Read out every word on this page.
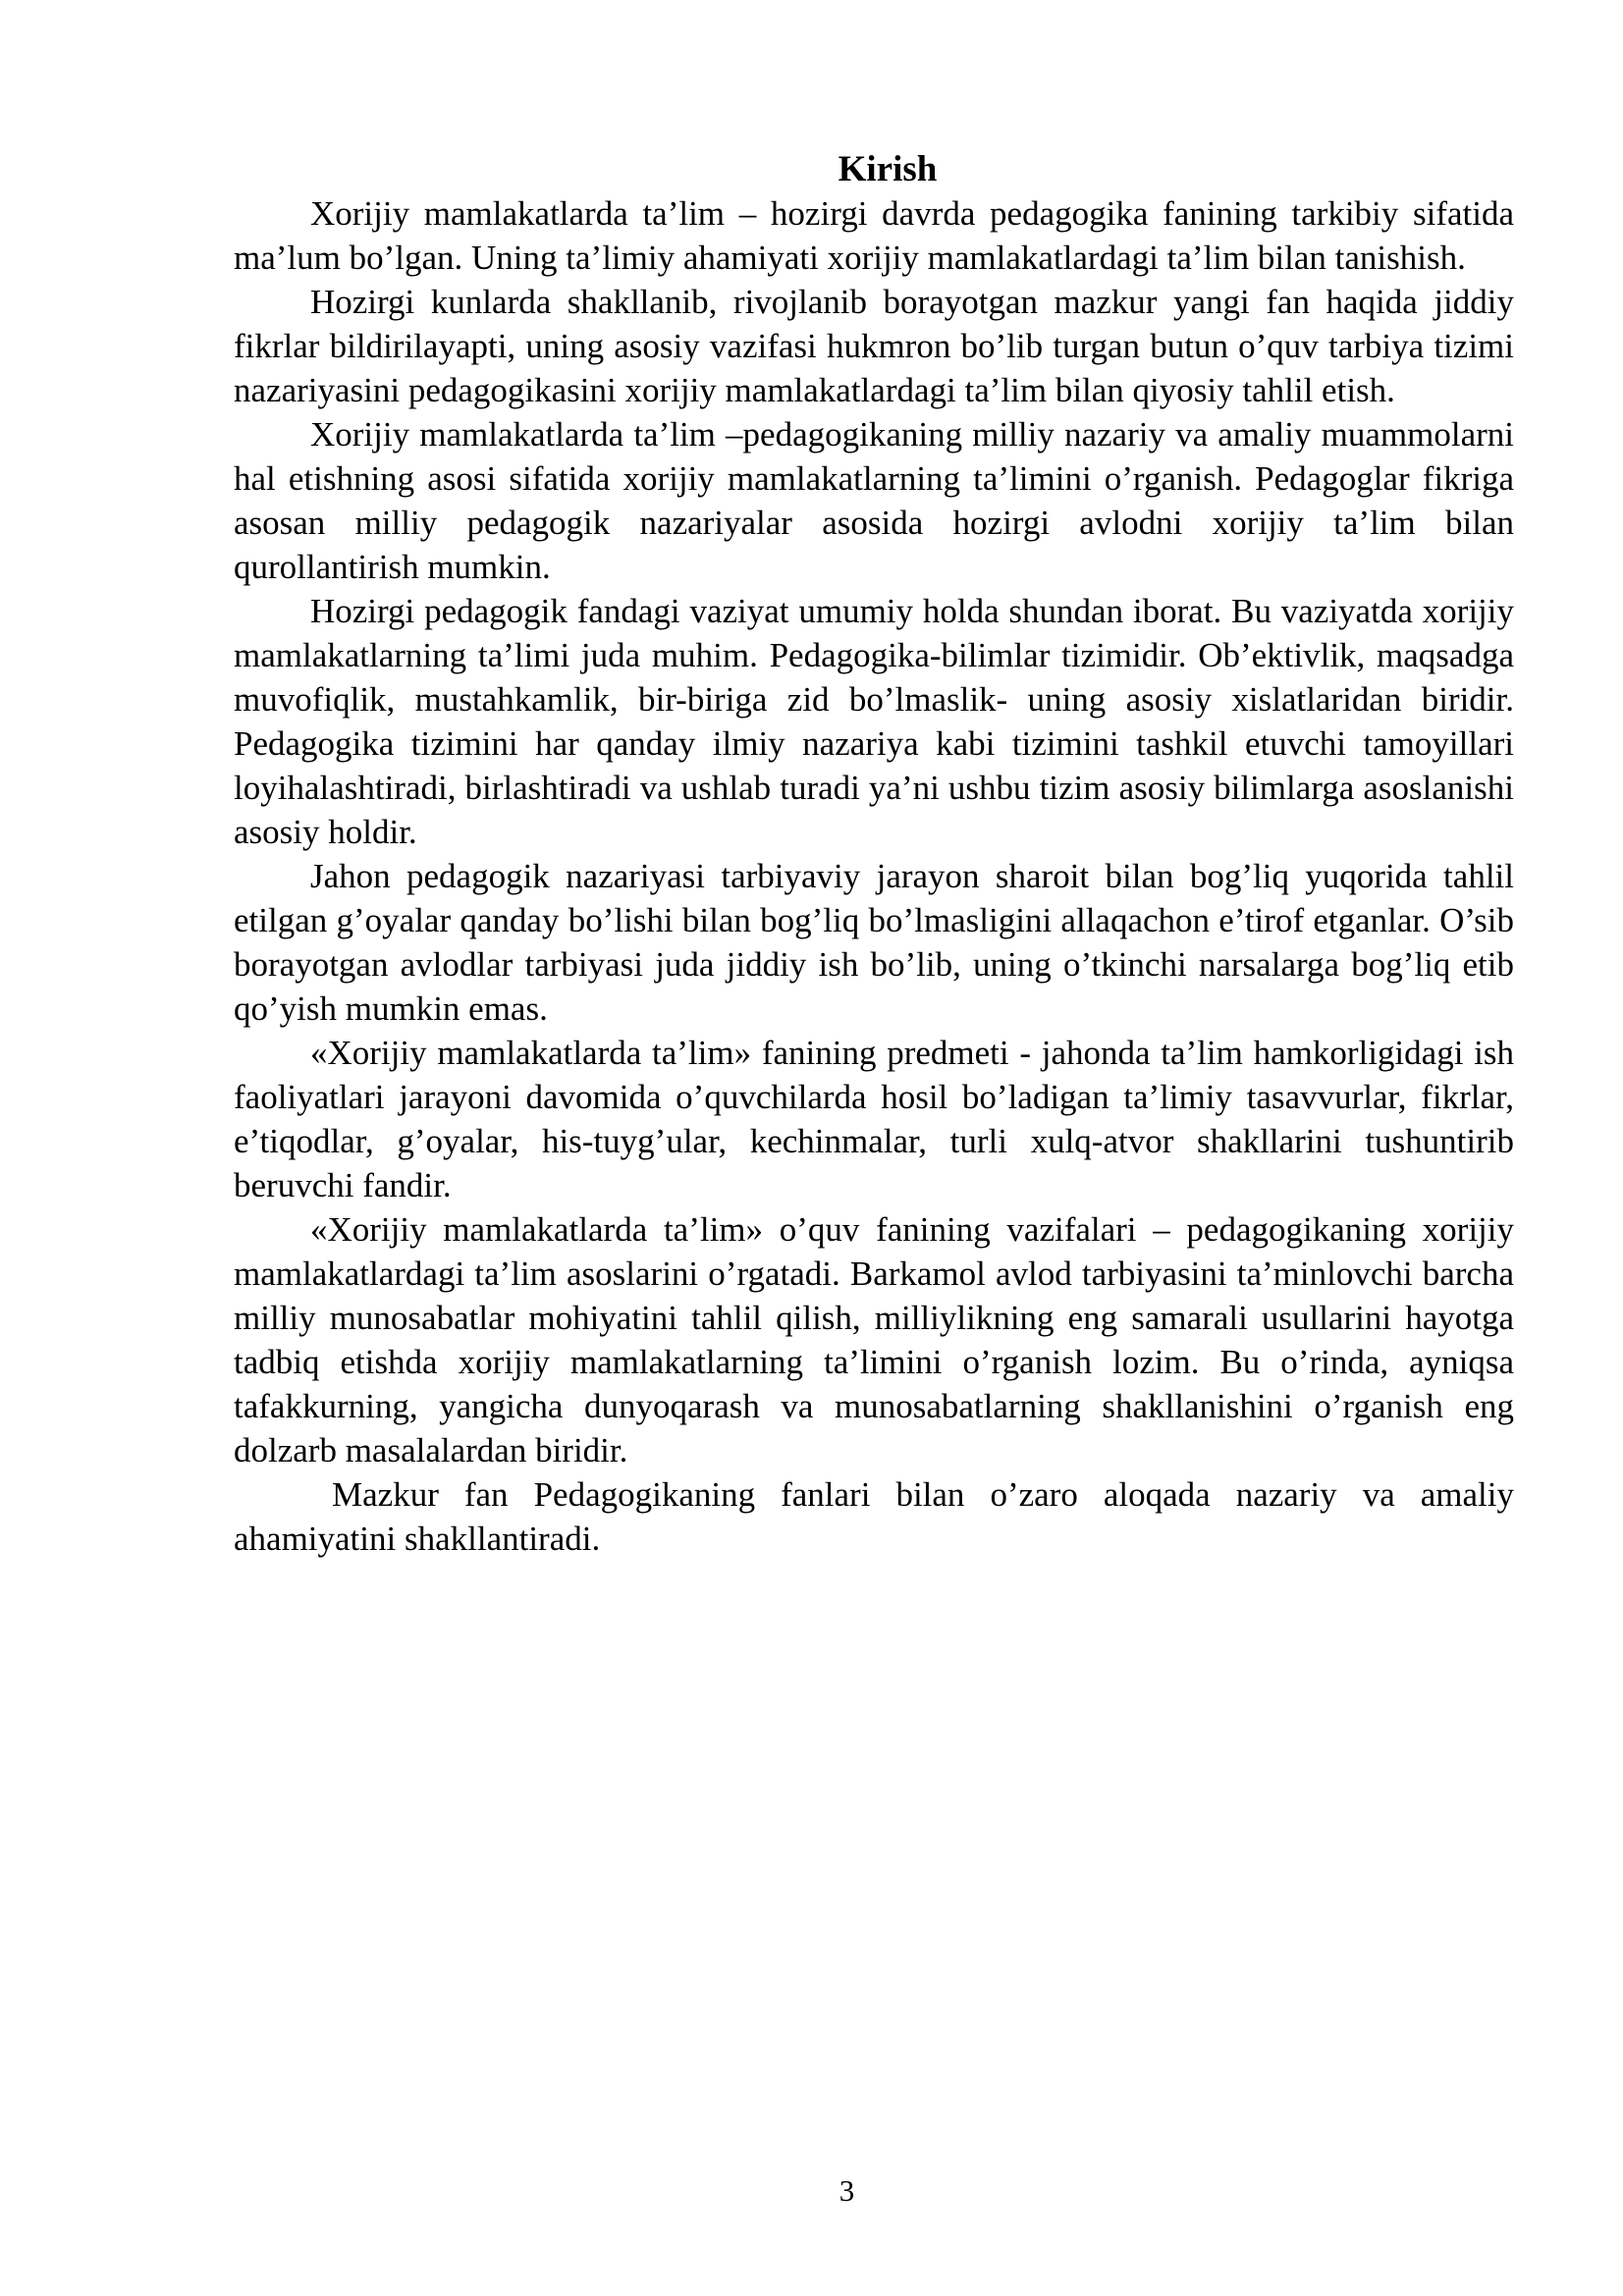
Kirish

Xorijiy mamlakatlarda ta’lim – hozirgi davrda pedagogika fanining tarkibiy sifatida ma’lum bo’lgan. Uning ta’limiy ahamiyati xorijiy mamlakatlardagi ta’lim bilan tanishish.

Hozirgi kunlarda shakllanib, rivojlanib borayotgan mazkur yangi fan haqida jiddiy fikrlar bildirilayapti, uning asosiy vazifasi hukmron bo’lib turgan butun o’quv tarbiya tizimi nazariyasini pedagogikasini xorijiy mamlakatlardagi ta’lim bilan qiyosiy tahlil etish.

Xorijiy mamlakatlarda ta’lim –pedagogikaning milliy nazariy va amaliy muammolarni hal etishning asosi sifatida xorijiy mamlakatlarning ta’limini o’rganish. Pedagoglar fikriga asosan milliy pedagogik nazariyalar asosida hozirgi avlodni xorijiy ta’lim bilan qurollantirish mumkin.

Hozirgi pedagogik fandagi vaziyat umumiy holda shundan iborat. Bu vaziyatda xorijiy mamlakatlarning ta’limi juda muhim. Pedagogika-bilimlar tizimidir. Ob’ektivlik, maqsadga muvofiqlik, mustahkamlik, bir-biriga zid bo’lmaslik- uning asosiy xislatlaridan biridir. Pedagogika tizimini har qanday ilmiy nazariya kabi tizimini tashkil etuvchi tamoyillari loyihalashtiradi, birlashtiradi va ushlab turadi ya’ni ushbu tizim asosiy bilimlarga asoslanishi asosiy holdir.

Jahon pedagogik nazariyasi tarbiyaviy jarayon sharoit bilan bog’liq yuqorida tahlil etilgan g’oyalar qanday bo’lishi bilan bog’liq bo’lmasligini allaqachon e’tirof etganlar. O’sib borayotgan avlodlar tarbiyasi juda jiddiy ish bo’lib, uning o’tkinchi narsalarga bog’liq etib qo’yish mumkin emas.

«Xorijiy mamlakatlarda ta’lim» fanining predmeti - jahonda ta’lim hamkorligidagi ish faoliyatlari jarayoni davomida o’quvchilarda hosil bo’ladigan ta’limiy tasavvurlar, fikrlar, e’tiqodlar, g’oyalar, his-tuyg’ular, kechinmalar, turli xulq-atvor shakllarini tushuntirib beruvchi fandir.

«Xorijiy mamlakatlarda ta’lim» o’quv fanining vazifalari – pedagogikaning xorijiy mamlakatlardagi ta’lim asoslarini o’rgatadi. Barkamol avlod tarbiyasini ta’minlovchi barcha milliy munosabatlar mohiyatini tahlil qilish, milliylikning eng samarali usullarini hayotga tadbiq etishda xorijiy mamlakatlarning ta’limini o’rganish lozim. Bu o’rinda, ayniqsa tafakkurning, yangicha dunyoqarash va munosabatlarning shakllanishini o’rganish eng dolzarb masalalardan biridir.

Mazkur fan Pedagogikaning fanlari bilan o’zaro aloqada nazariy va amaliy ahamiyatini shakllantiradi.

3
